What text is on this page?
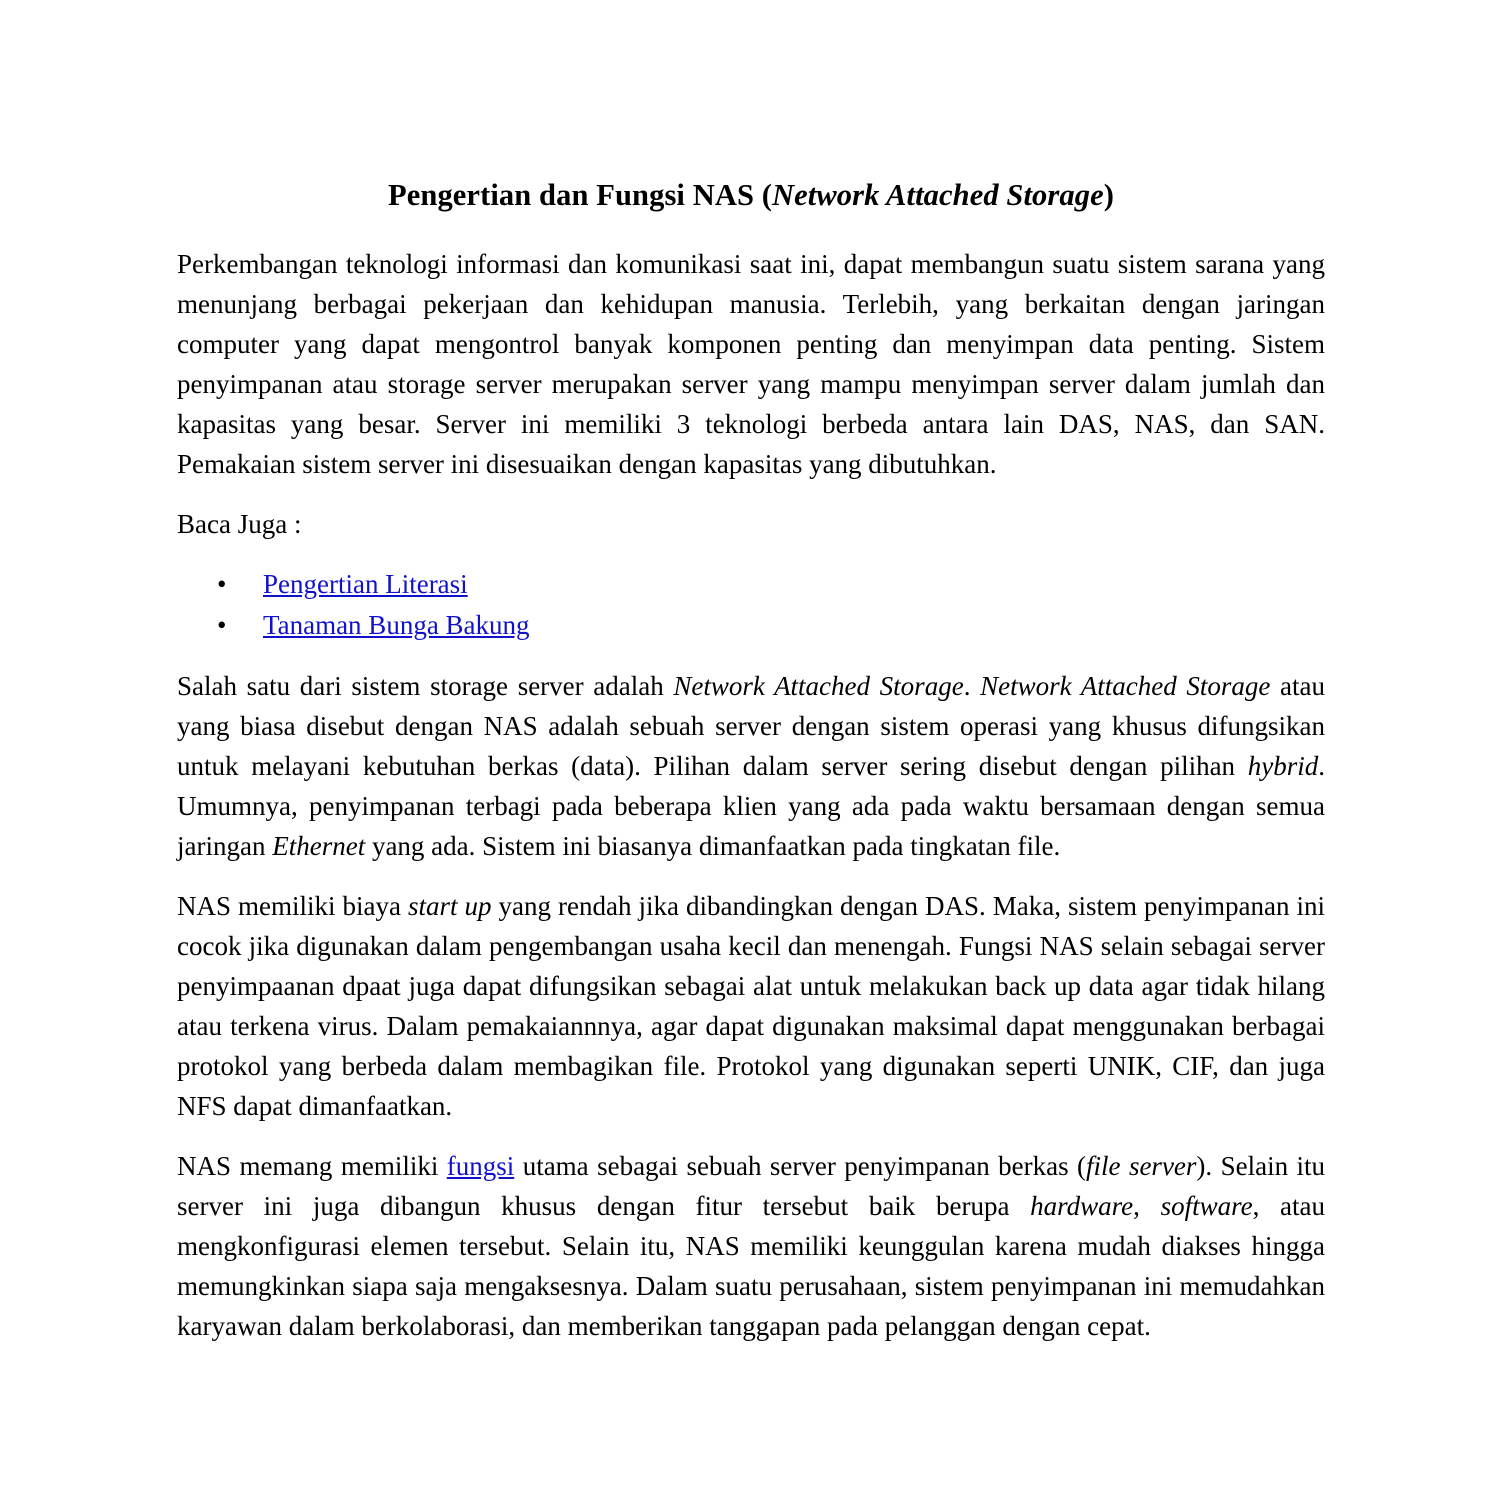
Pengertian dan Fungsi NAS (Network Attached Storage)

Perkembangan teknologi informasi dan komunikasi saat ini, dapat membangun suatu sistem sarana yang menunjang berbagai pekerjaan dan kehidupan manusia. Terlebih, yang berkaitan dengan jaringan computer yang dapat mengontrol banyak komponen penting dan menyimpan data penting. Sistem penyimpanan atau storage server merupakan server yang mampu menyimpan server dalam jumlah dan kapasitas yang besar. Server ini memiliki 3 teknologi berbeda antara lain DAS, NAS, dan SAN. Pemakaian sistem server ini disesuaikan dengan kapasitas yang dibutuhkan.

Baca Juga :

• Pengertian Literasi
• Tanaman Bunga Bakung

Salah satu dari sistem storage server adalah Network Attached Storage. Network Attached Storage atau yang biasa disebut dengan NAS adalah sebuah server dengan sistem operasi yang khusus difungsikan untuk melayani kebutuhan berkas (data). Pilihan dalam server sering disebut dengan pilihan hybrid. Umumnya, penyimpanan terbagi pada beberapa klien yang ada pada waktu bersamaan dengan semua jaringan Ethernet yang ada. Sistem ini biasanya dimanfaatkan pada tingkatan file.

NAS memiliki biaya start up yang rendah jika dibandingkan dengan DAS. Maka, sistem penyimpanan ini cocok jika digunakan dalam pengembangan usaha kecil dan menengah. Fungsi NAS selain sebagai server penyimpaanan dpaat juga dapat difungsikan sebagai alat untuk melakukan back up data agar tidak hilang atau terkena virus. Dalam pemakaiannnya, agar dapat digunakan maksimal dapat menggunakan berbagai protokol yang berbeda dalam membagikan file. Protokol yang digunakan seperti UNIK, CIF, dan juga NFS dapat dimanfaatkan.

NAS memang memiliki fungsi utama sebagai sebuah server penyimpanan berkas (file server). Selain itu server ini juga dibangun khusus dengan fitur tersebut baik berupa hardware, software, atau mengkonfigurasi elemen tersebut. Selain itu, NAS memiliki keunggulan karena mudah diakses hingga memungkinkan siapa saja mengaksesnya. Dalam suatu perusahaan, sistem penyimpanan ini memudahkan karyawan dalam berkolaborasi, dan memberikan tanggapan pada pelanggan dengan cepat.
